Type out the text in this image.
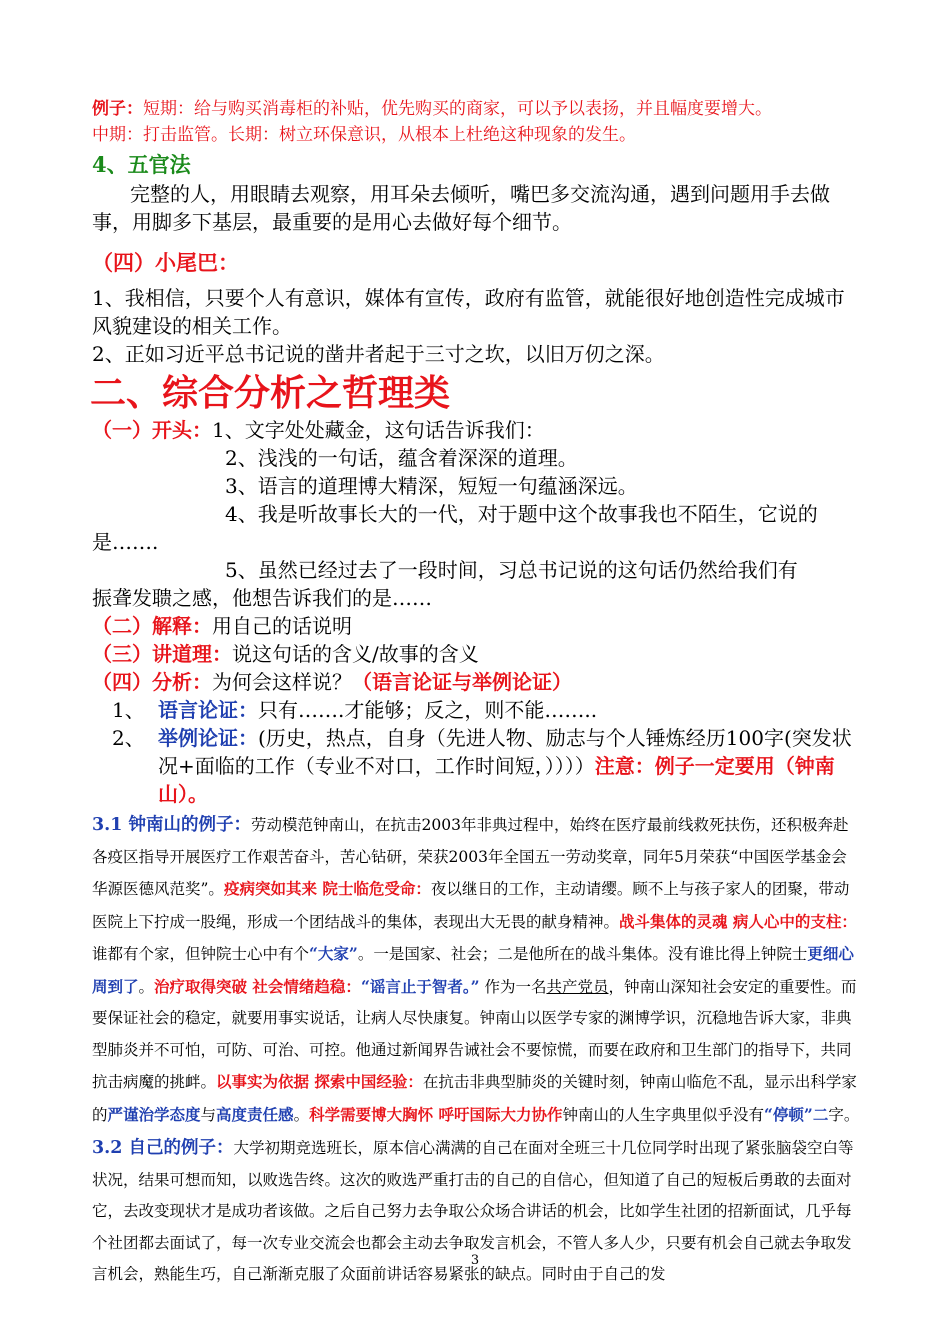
例子：短期：给与购买消毒柜的补贴，优先购买的商家，可以予以表扬，并且幅度要增大。

中期：打击监管。长期：树立环保意识，从根本上杜绝这种现象的发生。

4、五官法

完整的人，用眼睛去观察，用耳朵去倾听，嘴巴多交流沟通，遇到问题用手去做事，用脚多下基层，最重要的是用心去做好每个细节。

（四）小尾巴：

1、我相信，只要个人有意识，媒体有宣传，政府有监管，就能很好地创造性完成城市风貌建设的相关工作。

2、正如习近平总书记说的凿井者起于三寸之坎，以旧万仞之深。

二、综合分析之哲理类

（一）开头：1、文字处处藏金，这句话告诉我们：

2、浅浅的一句话，蕴含着深深的道理。

3、语言的道理博大精深，短短一句蕴涵深远。

4、我是听故事长大的一代，对于题中这个故事我也不陌生，它说的

是…….

5、虽然已经过去了一段时间，习总书记说的这句话仍然给我们有

振聋发聩之感，他想告诉我们的是……

（二）解释：用自己的话说明

（三）讲道理：说这句话的含义/故事的含义

（四）分析：为何会这样说？（语言论证与举例论证）

1、 语言论证：只有…….才能够；反之，则不能……..
2、 举例论证：(历史，热点，自身（先进人物、励志与个人锤炼经历100字(突发状况+面临的工作（专业不对口，工作时间短，））））注意：例子一定要用（钟南山）。

3.1 钟南山的例子：劳动模范钟南山，在抗击2003年非典过程中，始终在医疗最前线救死扶伤，还积极奔赴各疫区指导开展医疗工作艰苦奋斗，苦心钻研，荣获2003年全国五一劳动奖章，同年5月荣获“中国医学基金会华源医德风范奖”。疫病突如其来 院士临危受命：夜以继日的工作，主动请缨。顾不上与孩子家人的团聚，带动医院上下拧成一股绳，形成一个团结战斗的集体，表现出大无畏的献身精神。战斗集体的灵魂 病人心中的支柱：谁都有个家，但钟院士心中有个“大家”。一是国家、社会；二是他所在的战斗集体。没有谁比得上钟院士更细心周到了。治疗取得突破 社会情绪趋稳：“谣言止于智者。” 作为一名共产党员，钟南山深知社会安定的重要性。而要保证社会的稳定，就要用事实说话，让病人尽快康复。钟南山以医学专家的渊博学识，沉稳地告诉大家，非典型肺炎并不可怕，可防、可治、可控。他通过新闻界告诫社会不要惊慌，而要在政府和卫生部门的指导下，共同抗击病魔的挑衅。以事实为依据 探索中国经验：在抗击非典型肺炎的关键时刻，钟南山临危不乱，显示出科学家的严谨治学态度与高度责任感。科学需要博大胸怀 呼吁国际大力协作钟南山的人生字典里似乎没有“停顿”二字。

3.2 自己的例子：大学初期竞选班长，原本信心满满的自己在面对全班三十几位同学时出现了紧张脑袋空白等状况，结果可想而知，以败选告终。这次的败选严重打击的自己的自信心，但知道了自己的短板后勇敢的去面对它，去改变现状才是成功者该做。之后自己努力去争取公众场合讲话的机会，比如学生社团的招新面试，几乎每个社团都去面试了，每一次专业交流会也都会主动去争取发言机会，不管人多人少，只要有机会自己就去争取发言机会，熟能生巧，自己渐渐克服了众面前讲话容易紧张的缺点。同时由于自己的发

3
